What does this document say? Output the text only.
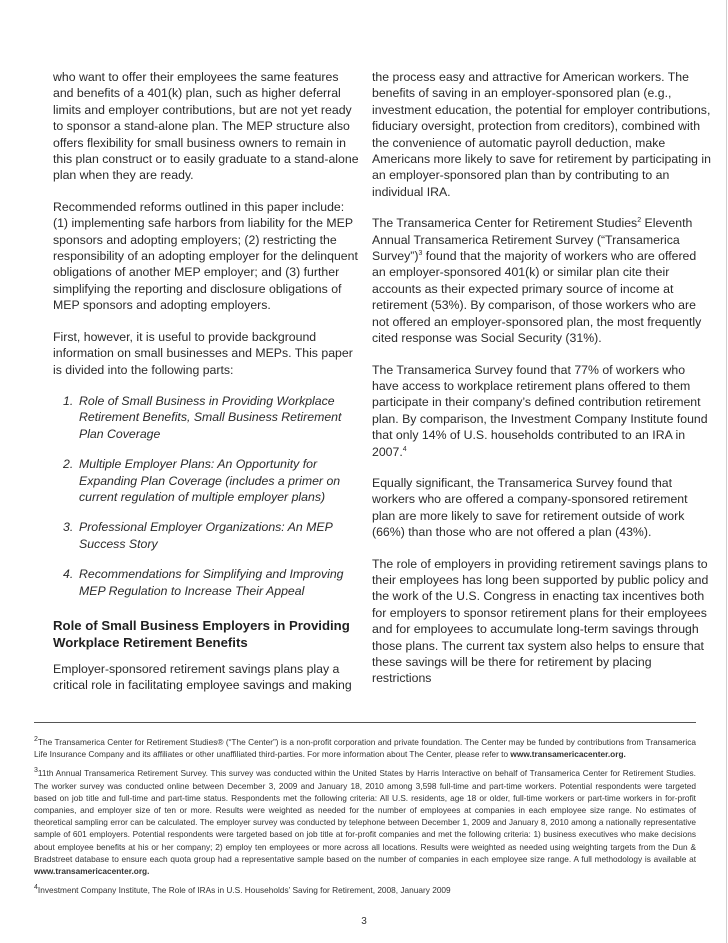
who want to offer their employees the same features and benefits of a 401(k) plan, such as higher deferral limits and employer contributions, but are not yet ready to sponsor a stand-alone plan. The MEP structure also offers flexibility for small business owners to remain in this plan construct or to easily graduate to a stand-alone plan when they are ready.

Recommended reforms outlined in this paper include: (1) implementing safe harbors from liability for the MEP sponsors and adopting employers; (2) restricting the responsibility of an adopting employer for the delinquent obligations of another MEP employer; and (3) further simplifying the reporting and disclosure obligations of MEP sponsors and adopting employers.

First, however, it is useful to provide background information on small businesses and MEPs. This paper is divided into the following parts:

1. Role of Small Business in Providing Workplace Retirement Benefits, Small Business Retirement Plan Coverage
2. Multiple Employer Plans: An Opportunity for Expanding Plan Coverage (includes a primer on current regulation of multiple employer plans)
3. Professional Employer Organizations: An MEP Success Story
4. Recommendations for Simplifying and Improving MEP Regulation to Increase Their Appeal
Role of Small Business Employers in Providing Workplace Retirement Benefits

Employer-sponsored retirement savings plans play a critical role in facilitating employee savings and making

the process easy and attractive for American workers. The benefits of saving in an employer-sponsored plan (e.g., investment education, the potential for employer contributions, fiduciary oversight, protection from creditors), combined with the convenience of automatic payroll deduction, make Americans more likely to save for retirement by participating in an employer-sponsored plan than by contributing to an individual IRA.

The Transamerica Center for Retirement Studies$^2$ Eleventh Annual Transamerica Retirement Survey (“Transamerica Survey”)$^3$ found that the majority of workers who are offered an employer-sponsored 401(k) or similar plan cite their accounts as their expected primary source of income at retirement (53%). By comparison, of those workers who are not offered an employer-sponsored plan, the most frequently cited response was Social Security (31%).

The Transamerica Survey found that 77% of workers who have access to workplace retirement plans offered to them participate in their company’s defined contribution retirement plan. By comparison, the Investment Company Institute found that only 14% of U.S. households contributed to an IRA in 2007.$^4$

Equally significant, the Transamerica Survey found that workers who are offered a company-sponsored retirement plan are more likely to save for retirement outside of work (66%) than those who are not offered a plan (43%).

The role of employers in providing retirement savings plans to their employees has long been supported by public policy and the work of the U.S. Congress in enacting tax incentives both for employers to sponsor retirement plans for their employees and for employees to accumulate long-term savings through those plans. The current tax system also helps to ensure that these savings will be there for retirement by placing restrictions

$^2$The Transamerica Center for Retirement Studies® (“The Center”) is a non-profit corporation and private foundation. The Center may be funded by contributions from Transamerica Life Insurance Company and its affiliates or other unaffiliated third-parties. For more information about The Center, please refer to www.transamericacenter.org.

$^3$11th Annual Transamerica Retirement Survey. This survey was conducted within the United States by Harris Interactive on behalf of Transamerica Center for Retirement Studies. The worker survey was conducted online between December 3, 2009 and January 18, 2010 among 3,598 full-time and part-time workers. Potential respondents were targeted based on job title and full-time and part-time status. Respondents met the following criteria: All U.S. residents, age 18 or older, full-time workers or part-time workers in for-profit companies, and employer size of ten or more. Results were weighted as needed for the number of employees at companies in each employee size range. No estimates of theoretical sampling error can be calculated. The employer survey was conducted by telephone between December 1, 2009 and January 8, 2010 among a nationally representative sample of 601 employers. Potential respondents were targeted based on job title at for-profit companies and met the following criteria: 1) business executives who make decisions about employee benefits at his or her company; 2) employ ten employees or more across all locations. Results were weighted as needed using weighting targets from the Dun & Bradstreet database to ensure each quota group had a representative sample based on the number of companies in each employee size range. A full methodology is available at www.transamericacenter.org.

$^4$Investment Company Institute, The Role of IRAs in U.S. Households’ Saving for Retirement, 2008, January 2009

3
